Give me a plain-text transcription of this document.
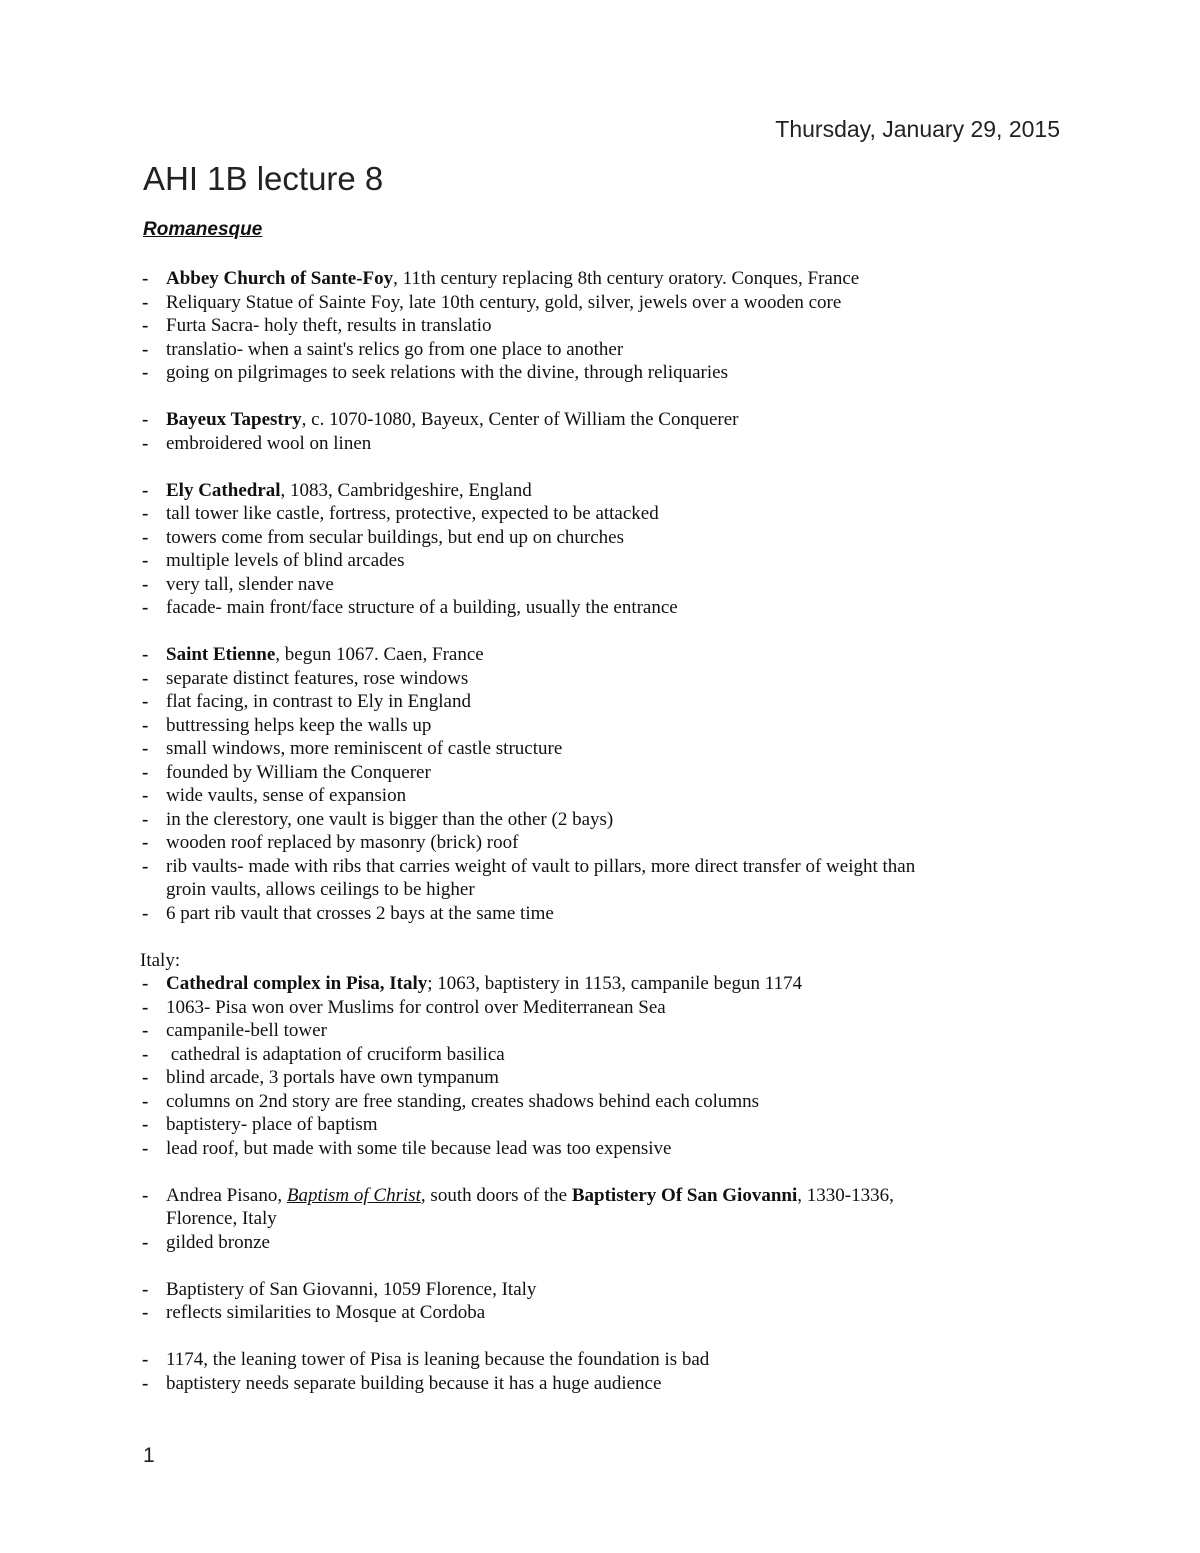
Thursday, January 29, 2015
AHI 1B lecture 8
Romanesque
- Abbey Church of Sante-Foy, 11th century replacing 8th century oratory. Conques, France
- Reliquary Statue of Sainte Foy, late 10th century, gold, silver, jewels over a wooden core
- Furta Sacra- holy theft, results in translatio
- translatio- when a saint's relics go from one place to another
- going on pilgrimages to seek relations with the divine, through reliquaries
- Bayeux Tapestry, c. 1070-1080, Bayeux, Center of William the Conquerer
- embroidered wool on linen
- Ely Cathedral, 1083, Cambridgeshire, England
- tall tower like castle, fortress, protective, expected to be attacked
- towers come from secular buildings, but end up on churches
- multiple levels of blind arcades
- very tall, slender nave
- facade- main front/face structure of a building, usually the entrance
- Saint Etienne, begun 1067. Caen, France
- separate distinct features, rose windows
- flat facing, in contrast to Ely in England
- buttressing helps keep the walls up
- small windows, more reminiscent of castle structure
- founded by William the Conquerer
- wide vaults, sense of expansion
- in the clerestory, one vault is bigger than the other (2 bays)
- wooden roof replaced by masonry (brick) roof
- rib vaults- made with ribs that carries weight of vault to pillars, more direct transfer of weight than
groin vaults, allows ceilings to be higher
- 6 part rib vault that crosses 2 bays at the same time
Italy:
- Cathedral complex in Pisa, Italy; 1063, baptistery in 1153, campanile begun 1174
- 1063- Pisa won over Muslims for control over Mediterranean Sea
- campanile-bell tower
- cathedral is adaptation of cruciform basilica
- blind arcade, 3 portals have own tympanum
- columns on 2nd story are free standing, creates shadows behind each columns
- baptistery- place of baptism
- lead roof, but made with some tile because lead was too expensive
- Andrea Pisano, Baptism of Christ, south doors of the Baptistery Of San Giovanni, 1330-1336,
Florence, Italy
- gilded bronze
- Baptistery of San Giovanni, 1059 Florence, Italy
- reflects similarities to Mosque at Cordoba
- 1174, the leaning tower of Pisa is leaning because the foundation is bad
- baptistery needs separate building because it has a huge audience
1
